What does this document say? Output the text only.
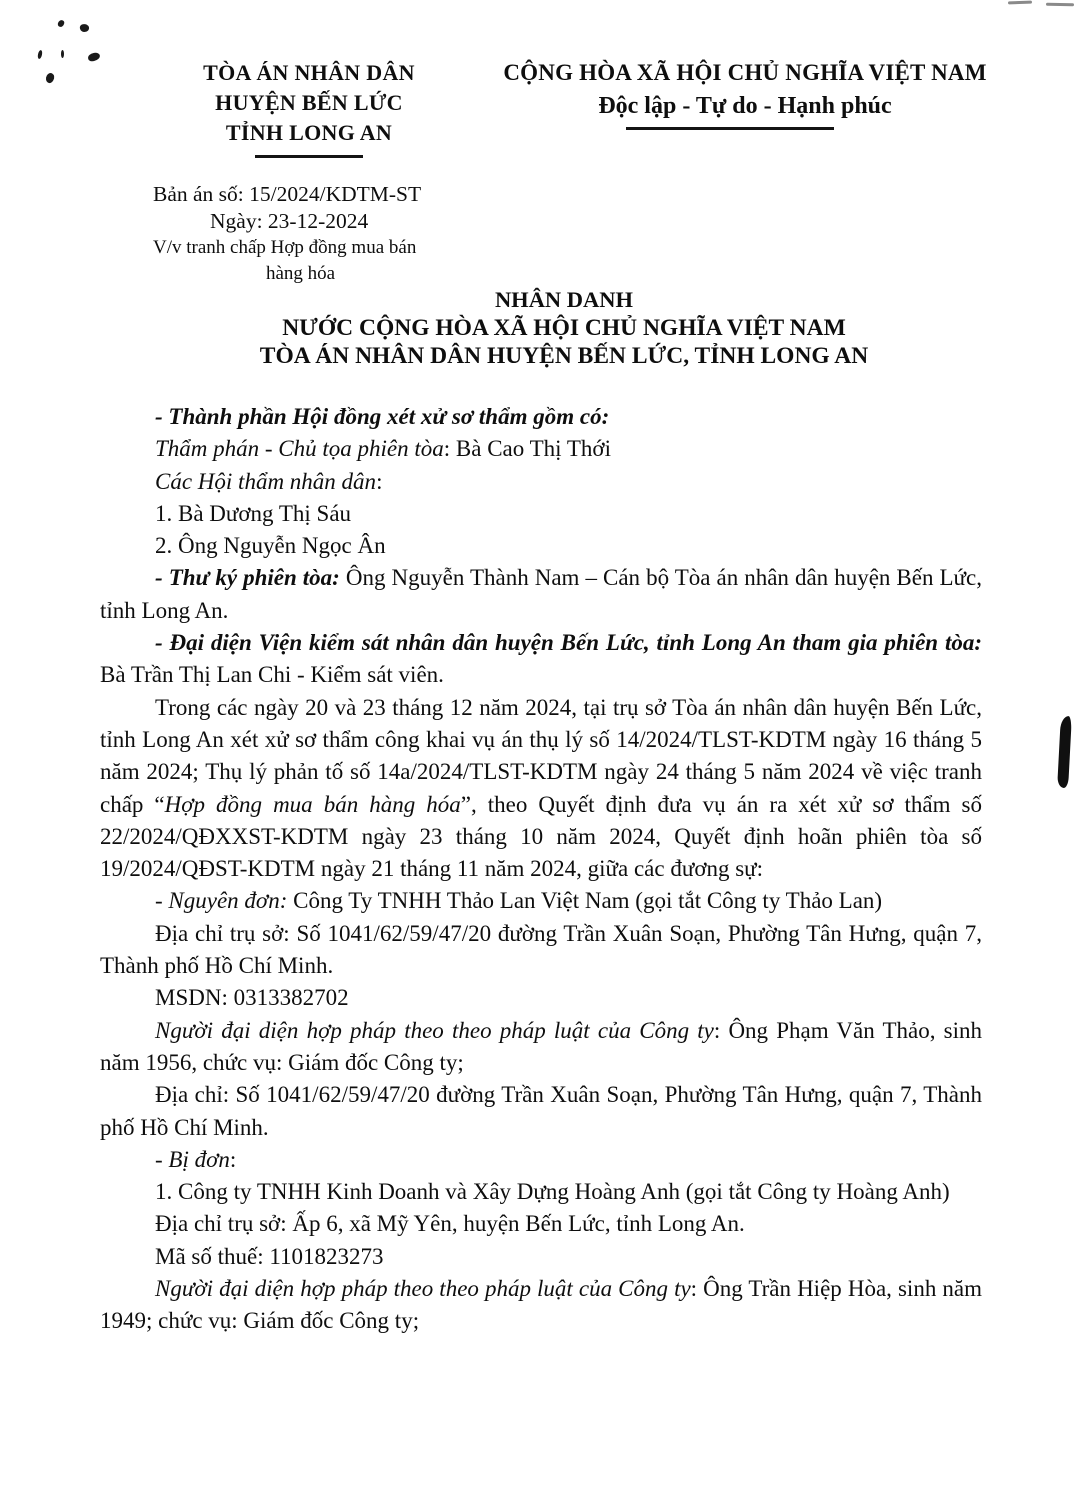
TÒA ÁN NHÂN DÂN
HUYỆN BẾN LỨC
TỈNH LONG AN
CỘNG HÒA XÃ HỘI CHỦ NGHĨA VIỆT NAM
Độc lập - Tự do - Hạnh phúc
Bản án số: 15/2024/KDTM-ST
Ngày: 23-12-2024
V/v tranh chấp Hợp đồng mua bán
hàng hóa
NHÂN DANH
NƯỚC CỘNG HÒA XÃ HỘI CHỦ NGHĨA VIỆT NAM
TÒA ÁN NHÂN DÂN HUYỆN BẾN LỨC, TỈNH LONG AN

- Thành phần Hội đồng xét xử sơ thẩm gồm có:

Thẩm phán - Chủ tọa phiên tòa: Bà Cao Thị Thới

Các Hội thẩm nhân dân:

1. Bà Dương Thị Sáu

2. Ông Nguyễn Ngọc Ân

- Thư ký phiên tòa: Ông Nguyễn Thành Nam – Cán bộ Tòa án nhân dân huyện Bến Lức, tỉnh Long An.

- Đại diện Viện kiểm sát nhân dân huyện Bến Lức, tỉnh Long An tham gia phiên tòa: Bà Trần Thị Lan Chi - Kiểm sát viên.

Trong các ngày 20 và 23 tháng 12 năm 2024, tại trụ sở Tòa án nhân dân huyện Bến Lức, tỉnh Long An xét xử sơ thẩm công khai vụ án thụ lý số 14/2024/TLST-KDTM ngày 16 tháng 5 năm 2024; Thụ lý phản tố số 14a/2024/TLST-KDTM ngày 24 tháng 5 năm 2024 về việc tranh chấp “Hợp đồng mua bán hàng hóa”, theo Quyết định đưa vụ án ra xét xử sơ thẩm số 22/2024/QĐXXST-KDTM ngày 23 tháng 10 năm 2024, Quyết định hoãn phiên tòa số 19/2024/QĐST-KDTM ngày 21 tháng 11 năm 2024, giữa các đương sự:

- Nguyên đơn: Công Ty TNHH Thảo Lan Việt Nam (gọi tắt Công ty Thảo Lan)

Địa chỉ trụ sở: Số 1041/62/59/47/20 đường Trần Xuân Soạn, Phường Tân Hưng, quận 7, Thành phố Hồ Chí Minh.

MSDN: 0313382702

Người đại diện hợp pháp theo theo pháp luật của Công ty: Ông Phạm Văn Thảo, sinh năm 1956, chức vụ: Giám đốc Công ty;

Địa chỉ: Số 1041/62/59/47/20 đường Trần Xuân Soạn, Phường Tân Hưng, quận 7, Thành phố Hồ Chí Minh.

- Bị đơn:

1. Công ty TNHH Kinh Doanh và Xây Dựng Hoàng Anh (gọi tắt Công ty Hoàng Anh)

Địa chỉ trụ sở: Ấp 6, xã Mỹ Yên, huyện Bến Lức, tỉnh Long An.

Mã số thuế: 1101823273

Người đại diện hợp pháp theo theo pháp luật của Công ty: Ông Trần Hiệp Hòa, sinh năm 1949; chức vụ: Giám đốc Công ty;
